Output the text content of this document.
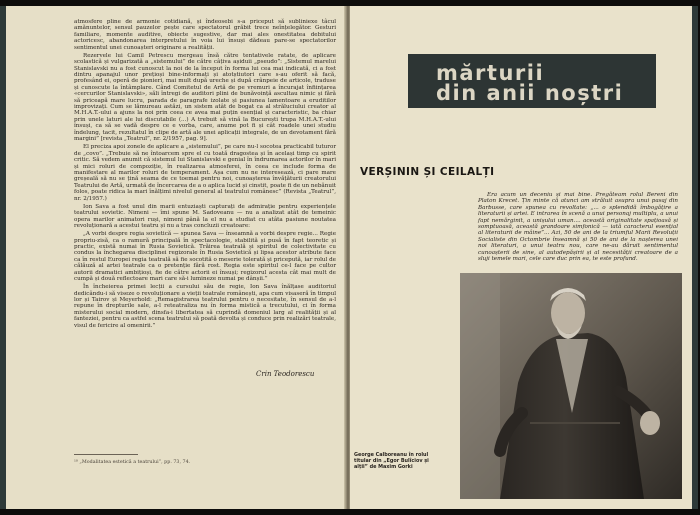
atmosfere pline de armonie cotidiană, și îndeosebi s-a priceput să subliniexe tâcul amănuntelor, sensul pauzelor pește care spectatorul grăbit trece neînțelegător. Gesturi familiare, momente auditive, obiecte sugestive, dar mai ales onestitatea debitului actoricesc, abandonarea interpretului în voia lui însuși dădeau pare-se spectatorilor sentimentul unei cunoașteri originare a realității.

Rezervele lui Camil Petrescu mergeau însă către tentativele ratate, de aplicare scolastică și vulgarizată a „sistemului” de către câțiva așiduii „pseudo”: „Sistemul marelui Stanislavski nu a fost cunoscut la noi de la început în forma lui cea mai indicată, ci a fost dintru apanajul unor prețioși bine-informați și atotștiutori care s-au oferit să facă, profesând ei, operă de pionieri, mai mult după ureche și după crânpeie de articole, traduse și cunoscute la întâmplare. Când Comitetul de Artă de pe vremuri a încurajat înființarea «cercurilor Stanislavski», săli întregi de auditori plini de bunăvoință ascultau nimic și fără să priceapă mare lucru, parada de paragrafe izolate și pasiunea lamentoare a eruditilor improvizați. Cum se lămureau astăzi, un sistem atât de bogat ca al străluciului creator al M.H.A.T.-ului a ajuns la noi prin ceea ce avea mai puțin esențial și caracteristic, ba chiar prin unele laturi ale lui discutabile (...) A trebuit să vină la București trupa M.H.A.T.-ului însuși, ca să se vadă despre ce e vorba, care, anume pot fi și cât roadele unei studiu îndelung, tacit, rezultatul în clipe de artă ale unei aplicații integrale, de un devotament fără margini” [revista „Teatrul”, nr. 2/1957, pag. 9].

El preciza apoi zonele de aplicare a „sistemului”, pe care nu-l socotea practicabil tuturor de „covo”. „Trebuie să ne întoarcem spre el cu toată dragostea și în același timp cu spirit critic. Să vedem anumit că sistemul lui Stanislavski e genial în îndrumarea actorilor în mari și mici roluri de compoziție, în realizarea atmosferei, în ceea ce include forma de manifestare al marilor roluri de temperament. Așa cum nu ne interesează, ci pare mare greșeală să nu se țină seama de ce toemai pentru noi, cunoașterea învățăturii creatorului Teatrului de Artă, urmată de încercarea de a o aplica lucid și cinstit, poate fi de un nebănuit folos, poate ridica la mari înălțimi nivelul general al teatrului românesc” (Revista „Teatrul”, nr. 2/1957.)

Ion Sava a fost unul din marii entuziaști capturați de admirație pentru experiențele teatrului sovietic. Nimeni — îmi spune M. Sadoveanu — nu a analizat atât de temeinic opera marilor animatori ruși, nimeni până la el nu a studiat cu atâta pasiune noutatea revoluționară a acestui teatru și nu a tras concluzii creatoare:

„A vorbi despre regia sovietică — spunea Sava — înseamnă a vorbi despre regie... Regie propriu-zisă, ca o ramură principală în spectacologie, stabilită și pusă în fapt teoretic și practic, există numai în Rusia Sovietică. Trăirea teatrală și spiritul de colectivitate cu condus la închegarea disciplinei regizorale în Rusia Sovietică și lipsa acestor atribute face ca în restul Europei regia teatrală să fie socotită o meserie tolerată și pricepută, iar rolul de călăuză al artei teatrale ca o pretenție fără rost. Regia este spiritul ce-l face pe cultor autorii dramatici ambițioși, fie de către actorii ei însuși; regizorul acesta cât mai mult de cumpă și două reflectoare mari care să-i lumineze numai pe dânșii.”

În încheierea primei lecții a cursului său de regie, Ion Sava înălțase auditoriul dedicându-i să viseze o revoluționare a vieții teatrale românești, apa cum visaseră în timpul lor și Tairov și Meyerhold: „Remagistrarea teatrului pentru o necesitate, în sensul de a-l repune în drepturile sale, a-l reteatraliza nu în forma mistică a trecutului, ci în forma misterului social modern, dinsfa-i libertatea să cuprindă domeniul larg al realității și al fanteziei, pentru ca astfel scena teatrului să poată devolta și conduce prin realizări teatrale, visul de fericire al omenirii.”

Crin Teodorescu
¹⁰ „Modalitatea estetică a teatrului”, pp. 73, 74.
mărturii
din anii noștri
VERȘININ ȘI CEILALȚI
Era acum un deceniu și mai bine. Pregăteam rolul Bereni din Platon Krecet. Țin minte că atunci am străluit asupra unui pasaj din Barbusse, care spunea cu revoltate: „... o splendidă îmbogățire a literaturii și artei. E intrarea în scenă a unui personaj multiplu, a unui fapt nemărginit, a unișului uman.... această originalitate spațioasă și somptuoasă, această grandoare simfonică — iată caracterul esențial al literaturii de mâine”... Azi, 50 de ani de la triumful Marii Revoluții Socialiste din Octombrie înseamnă și 50 de ani de la nașterea unei noi literaturi, a unui teatru nou, care ne-au dăruit sentimentul cunoașterii de sine, al autodepășirii și al necesității creatoare de a sluji temele mari, cele care duc prin ea, te este profund.
George Calboreanu în rolul titular din „Egor Bulîciov și alții” de Maxim Gorki
